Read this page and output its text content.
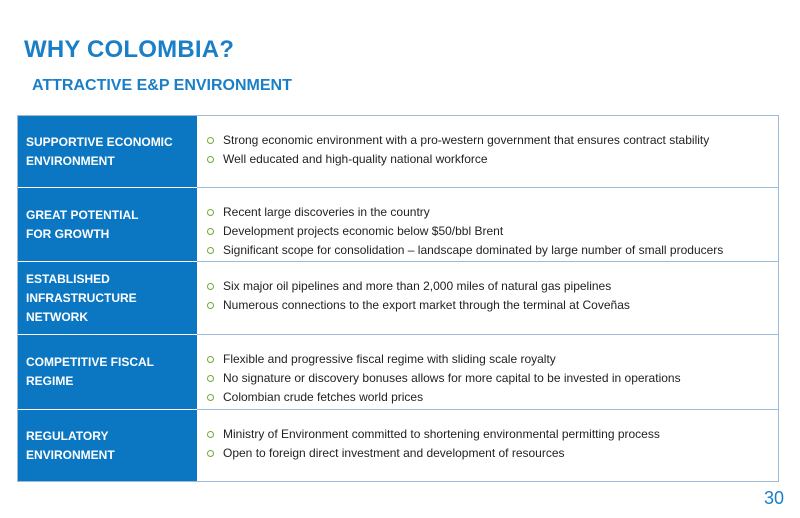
WHY COLOMBIA?
ATTRACTIVE E&P ENVIRONMENT
SUPPORTIVE ECONOMIC
ENVIRONMENT
Strong economic environment with a pro-western government that ensures contract stability
Well educated and high-quality national workforce
GREAT POTENTIAL
FOR GROWTH
Recent large discoveries in the country
Development projects economic below $50/bbl Brent
Significant scope for consolidation – landscape dominated by large number of small producers
ESTABLISHED
INFRASTRUCTURE
NETWORK
Six major oil pipelines and more than 2,000 miles of natural gas pipelines
Numerous connections to the export market through the terminal at Coveñas
COMPETITIVE FISCAL
REGIME
Flexible and progressive fiscal regime with sliding scale royalty
No signature or discovery bonuses allows for more capital to be invested in operations
Colombian crude fetches world prices
REGULATORY
ENVIRONMENT
Ministry of Environment committed to shortening environmental permitting process
Open to foreign direct investment and development of resources
30
